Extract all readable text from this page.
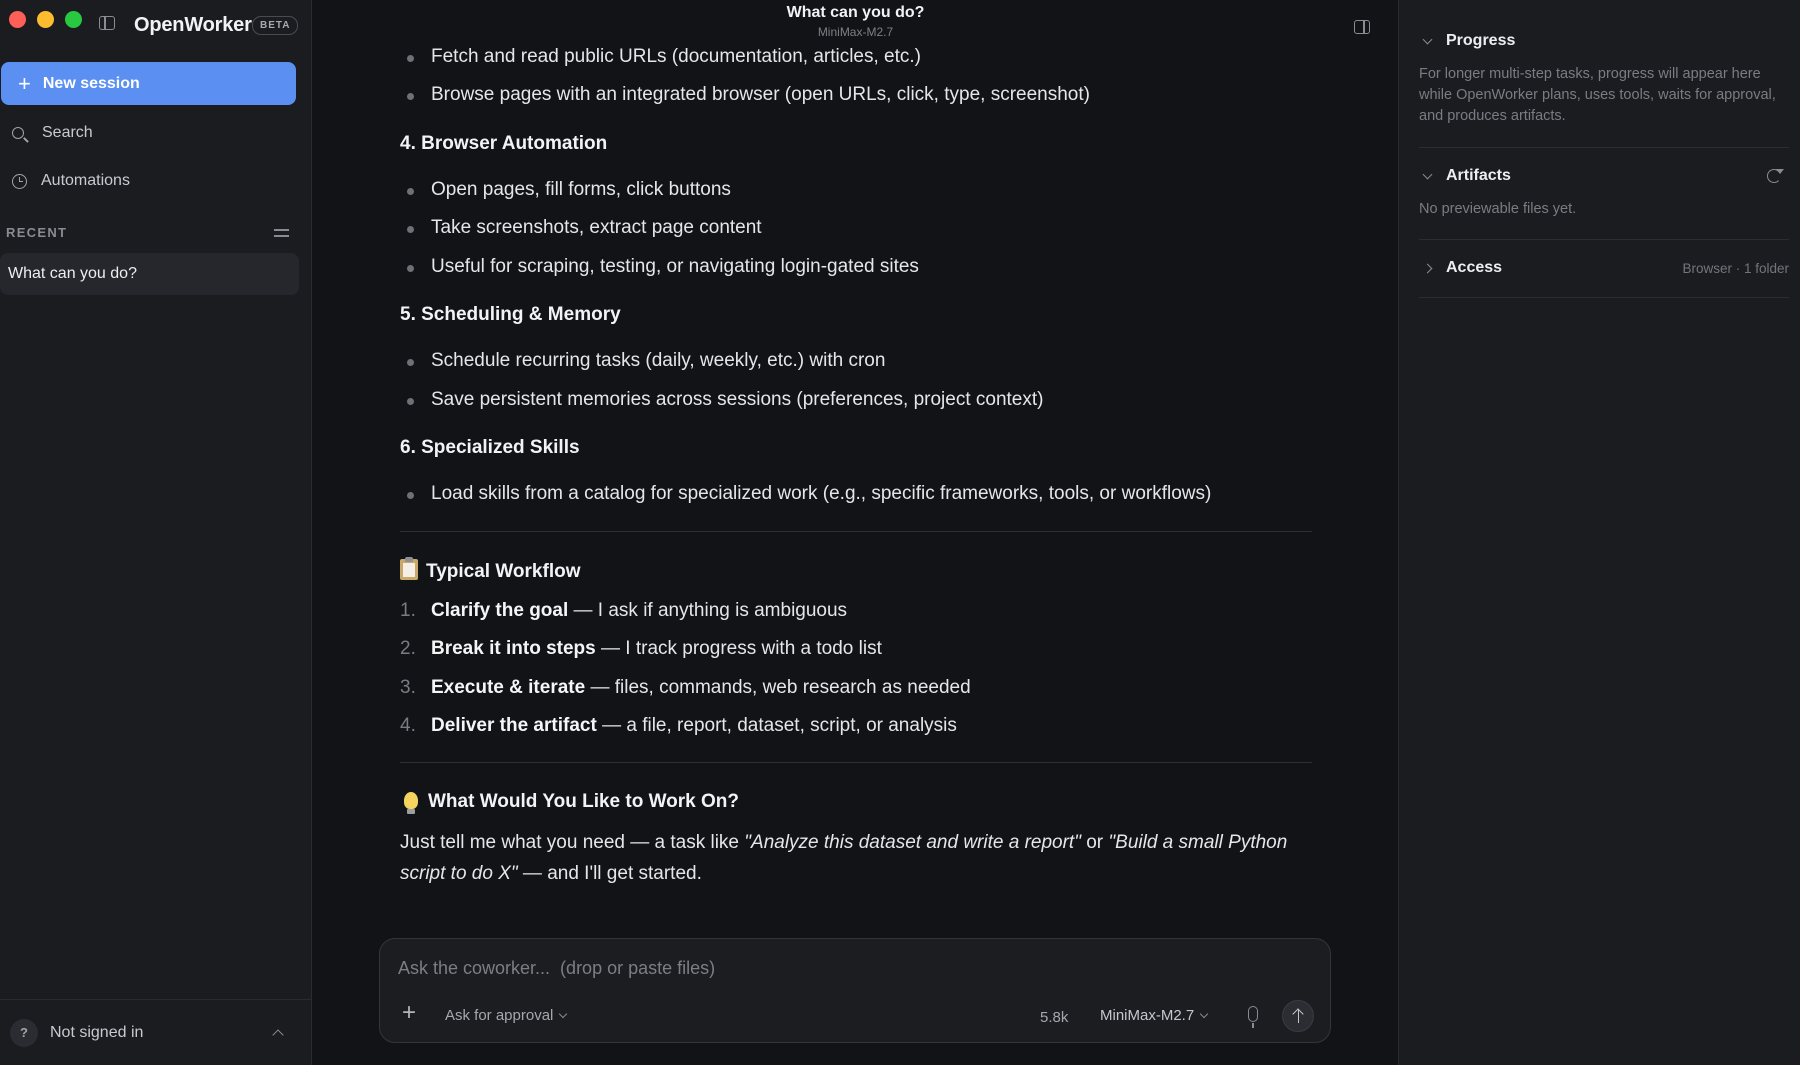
OpenWorker BETA
+ New session
Search
Automations
RECENT
What can you do?
?	Not signed in
What can you do?
MiniMax-M2.7
Fetch and read public URLs (documentation, articles, etc.)
Browse pages with an integrated browser (open URLs, click, type, screenshot)
4. Browser Automation
Open pages, fill forms, click buttons
Take screenshots, extract page content
Useful for scraping, testing, or navigating login-gated sites
5. Scheduling & Memory
Schedule recurring tasks (daily, weekly, etc.) with cron
Save persistent memories across sessions (preferences, project context)
6. Specialized Skills
Load skills from a catalog for specialized work (e.g., specific frameworks, tools, or workflows)
Typical Workflow
1. Clarify the goal — I ask if anything is ambiguous
2. Break it into steps — I track progress with a todo list
3. Execute & iterate — files, commands, web research as needed
4. Deliver the artifact — a file, report, dataset, script, or analysis
What Would You Like to Work On?
Just tell me what you need — a task like "Analyze this dataset and write a report" or "Build a small Python script to do X" — and I'll get started.
Ask the coworker... (drop or paste files)
+ Ask for approval	5.8k MiniMax-M2.7
Progress
For longer multi-step tasks, progress will appear here while OpenWorker plans, uses tools, waits for approval, and produces artifacts.
Artifacts
No previewable files yet.
Access	Browser · 1 folder
